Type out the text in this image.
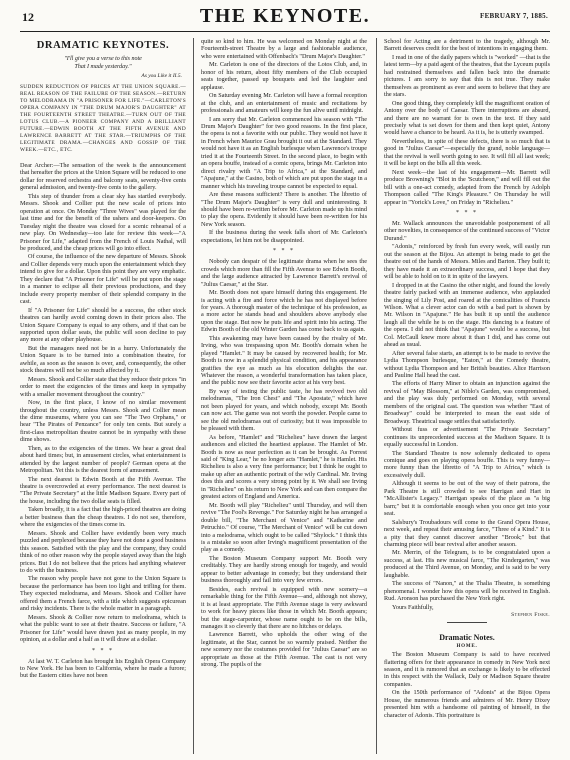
12	THE KEYNOTE.	FEBRUARY 7, 1885.
DRAMATIC KEYNOTES.
"I'll give you a verse to this note
That I made yesterday."
As you Like it II.5.
SUDDEN REDUCTION OF PRICES AT THE UNION SQUARE.—REAL REASON OF THE FAILURE OF THE SEASON.—RETURN TO MELODRAMA IN "A PRISONER FOR LIFE."—CARLETON'S OPERA COMPANY IN "THE DRUM MAJOR'S DAUGHTER" AT THE FOURTEENTH STREET THEATRE.—TURN OUT OF THE LOTUS CLUB.—A PIONEER COMPANY AND A BRILLIANT FUTURE.—EDWIN BOOTH AT THE FIFTH AVENUE AND LAWRENCE BARRETT AT THE STAR.—TRIUMPHS OF THE LEGITIMATE DRAMA.—CHANGES AND GOSSIP OF THE WEEK.—ETC., ETC.

Dear Archer:—The sensation of the week is the announcement that hereafter the prices at the Union Square will be reduced to one dollar for reserved orchestra and balcony seats, seventy-five cents general admission, and twenty-five cents to the gallery.

This step of thunder from a clear sky has startled everybody. Messrs. Shook and Collier put the new scale of prices into operation at once. On Monday "Three Wives" was played for the last time and for the benefit of the ushers and door-keepers. On Tuesday night the theatre was closed for a scenic rehearsal of a new play. On Wednesday—too late for review this week—"A Prisoner for Life," adapted from the French of Louis Nathal, will be produced, and the cheap prices will go into effect.

Of course, the influence of the new departure of Messrs. Shook and Collier depends very much upon the entertainment which they intend to give for a dollar. Upon this point they are very emphatic. They declare that "A Prisoner for Life" will be put upon the stage in a manner to eclipse all their previous productions, and they include every property member of their splendid company in the cast.

If "A Prisoner for Life" should be a success, the other stock theatres can hardly avoid coming down in their prices also. The Union Square Company is equal to any others, and if that can be supported upon dollar seats, the public will soon decline to pay any more at any other playhouse.

But the managers need not be in a hurry. Unfortunately the Union Square is to be turned into a combination theatre, for awhile, as soon as the season is over, and, consequently, the other stock theatres will not be so much affected by it.

Messrs. Shook and Collier state that they reduce their prices "in order to meet the exigencies of the times and keep in sympathy with a smaller movement throughout the country."

Now, in the first place, I know of no similar movement throughout the country, unless Messrs. Shook and Collier mean the dime museums, where you can see "The Two Orphans," or hear "The Pirates of Penzance" for only ten cents. But surely a first-class metropolitan theatre cannot be in sympathy with these dime shows.

Then, as to the exigencies of the times. We hear a great deal about hard times; but, in amusement circles, what entertainment is attended by the largest number of people? German opera at the Metropolitan. Yet this is the dearest form of amusement.

The next dearest is Edwin Booth at the Fifth Avenue. The theatre is overcrowded at every performance. The next dearest is "The Private Secretary" at the little Madison Square. Every part of the house, including the two dollar seats is filled.

Taken broadly, it is a fact that the high-priced theatres are doing a better business than the cheap theatres. I do not see, therefore, where the exigencies of the times come in.

Messrs. Shook and Collier have evidently been very much puzzled and perplexed because they have not done a good business this season. Satisfied with the play and the company, they could think of no other reason why the people stayed away than the high prices. But I do not believe that the prices had anything whatever to do with the business.

The reason why people have not gone to the Union Square is because the performance has been too light and trifling for them. They expected melodrama, and Messrs. Shook and Collier have offered them a French farce, with a title which suggests epicurean and risky incidents. There is the whole matter in a paragraph.

Messrs. Shook & Collier now return to melodrama, which is what the public want to see at their theatre. Success or failure, "A Prisoner for Life" would have drawn just as many people, in my opinion, at a dollar and a half as it will draw at a dollar.

* * *

At last W. T. Carleton has brought his English Opera Company to New York. He has been to California, where he made a furore; but the Eastern cities have not been

quite so kind to him. He was welcomed on Monday night at the Fourteenth-street Theatre by a large and fashionable audience, who were entertained with Offenbach's "Drum Major's Daughter."

Mr. Carleton is one of the directors of the Lotos Club, and, in honor of his return, about fifty members of the Club occupied seats together, passed up bouquets and led the laughter and applause.

On Saturday evening Mr. Carleton will have a formal reception at the club, and an entertainment of music and recitations by professionals and amateurs will keep the fun alive until midnight.

I am sorry that Mr. Carleton commenced his season with "The Drum Major's Daughter" for two good reasons. In the first place, the opera is not a favorite with our public. They would not have it in French when Maurice Grau brought it out at the Standard. They would not have it as an English burlesque when Lawrence's troupe tried it at the Fourteenth Street. In the second place, to begin with an opera bouffe, instead of a comic opera, brings Mr. Carleton into direct rivalry with "A Trip to Africa," at the Standard, and "Apajune," at the Casino, both of which are put upon the stage in a manner which his traveling troupe cannot be expected to equal.

Are these reasons sufficient? There is another. The libretto of "The Drum Major's Daughter" is very dull and uninteresting. It should have been re-written before Mr. Carleton made up his mind to play the opera. Evidently it should have been re-written for his New York season.

If the business during the week falls short of Mr. Carleton's expectations, let him not be disappointed.

* * *

Nobody can despair of the legitimate drama when he sees the crowds which more than fill the Fifth Avenue to see Edwin Booth, and the large audience attracted by Lawrence Barrett's revival of "Julius Caesar," at the Star.

Mr. Booth does not spare himself during this engagement. He is acting with a fire and force which he has not displayed before for years. A thorough master of the technique of his profession, as a more actor he stands head and shoulders above anybody else upon the stage. But now he puts life and spirit into his acting. The Edwin Booth of the old Winter Garden has come back to us again.

This awakening may have been caused by the rivalry of Mr. Irving, who was trespassing upon Mr. Booth's domain when he played "Hamlet." It may be caused by recovered health; for Mr. Booth is now in a splendid physical condition, and his appearance gratifies the eye as much as his elocution delights the ear. Whatever the reason, a wonderful transformation has taken place, and the public now see their favorite actor at his very best.

By way of testing the public taste, he has revived two old melodramas, "The Iron Chest" and "The Apostate," which have not been played for years, and which nobody, except Mr. Booth can now act. The game was not worth the powder. People came to see the old melodramas out of curiosity; but it was impossible to be pleased with them.

As before, "Hamlet" and "Richelieu" have drawn the largest audiences and elicited the heartiest applause. The Hamlet of Mr. Booth is now as near perfection as it can be brought. As Forrest said of "King Lear," he no longer acts "Hamlet," he is Hamlet. His Richelieu is also a very fine performance; but I think he ought to make up after an authentic portrait of the wily Cardinal. Mr. Irving does this and scores a very strong point by it. We shall see Irving in "Richelieu" on his return to New York and can then compare the greatest actors of England and America.

Mr. Booth will play "Richelieu" until Thursday, and will then revive "The Fool's Revenge." For Saturday night he has arranged a double bill, "The Merchant of Venice" and "Katharine and Petruchio." Of course, "The Merchant of Venice" will be cut down into a melodrama, which ought to be called "Shylock." I think this is a mistake so soon after Irving's magnificent presentation of the play as a comedy.

The Boston Museum Company support Mr. Booth very creditably. They are hardly strong enough for tragedy, and would appear to better advantage in comedy; but they understand their business thoroughly and fail into very few errors.

Besides, each revival is equipped with new scenery—a remarkable thing for the Fifth Avenue—and, although not showy, it is at least appropriate. The Fifth Avenue stage is very awkward to work for heavy pieces like those in which Mr. Booth appears; but the stage-carpenter, whose name ought to be on the bills, manages it so cleverly that there are no hitches or delays.

Lawrence Barrett, who upholds the other wing of the legitimate, at the Star, cannot be so warmly praised. Neither the new scenery nor the costumes provided for "Julius Caesar" are so appropriate as those at the Fifth Avenue. The cast is not very strong. The pupils of the

School for Acting are a detriment to the tragedy, although Mr. Barrett deserves credit for the best of intentions in engaging them.

I read in one of the daily papers which is "worked" —that is the latest term—by a paid agent of the theatres, that the Lyceum pupils had restrained themselves and fallen back into the dramatic pictures. I am sorry to say that this is not true. They make themselves as prominent as ever and seem to believe that they are the stars.

One good thing, they completely kill the magnificent oration of Antony over the body of Caesar. There interruptions are absurd, and there are no warrant for is own in the text. If they said precisely what is set down for them and then kept quiet, Antony would have a chance to be heard. As it is, he is utterly swamped.

Nevertheless, in spite of these defects, there is so much that is good in "Julius Caesar"—especially the grand, noble language—that the revival is well worth going to see. It will fill all last week; it will be kept on the bills all this week.

Next week—the last of his engagement—Mr. Barrett will produce Browning's "Blot in the 'Scutcheon," and will fill out the bill with a one-act comedy, adapted from the French by Adolph Thompson called "The King's Pleasure." On Thursday he will appear in "Yorick's Love," on Friday in "Richelieu."

* * *

Mr. Wallack announces the unavoidable postponement of all other novelties, in consequence of the continued success of "Victor Durand."

"Adonis," reinforced by fresh fun every week, will easily run out the season at the Bijou. An attempt is being made to get the theatre out of the hands of Messrs. Miles and Barton. They built it; they have made it an extraordinary success, and I hope that they will be able to hold on to it in spite of the lawyers.

I dropped in at the Casino the other night, and found the lovely theatre fairly packed with an immense audience, who applauded the singing of Lily Post, and roared at the comicalities of Francis Wilson. What a clever actor can do with a bad part is shown by Mr. Wilson in "Apajune." He has built it up until the audience laugh all the while he is on the stage. His dancing is a feature of the opera. I did not think that "Apajune" would be a success, but Col. McCaull knew more about it than I did, and has come out ahead as usual.

After several false starts, an attempt is to be made to revive the Lydia Thompson burlesque, "Eaton," at the Comedy theatre, without Lydia Thompson and her British beauties. Alice Harrison and Pauline Hall head the cast.

The efforts of Harry Miner to obtain an injunction against the revival of "May Blossom," at Niblo's Garden, was compromised, and the play was duly performed on Monday, with several members of the original cast. The question was whether "East of Broadway" could be interpreted to mean the east side of Broadway. Theatrical usage settles that satisfactorily.

Without fuss or advertisement "The Private Secretary" continues its unprecedented success at the Madison Square. It is equally successful in London.

The Standard Theatre is now solemnly dedicated to opera comique and goes on playing opera bouffe. This is very funny—more funny than the libretto of "A Trip to Africa," which is excessively dull.

Although it seems to be out of the way of their patrons, the Park Theatre is still crowded to see Harrigan and Hart in "McAllister's Legacy." Harrigan speaks of the place as "a big barn;" but it is comfortable enough when you once get into your seat.

Salsbury's Troubadours will come to the Grand Opera House, next week, and repeat their amusing farce, "Three of a Kind." It is a pity that they cannot discover another "Brook;" but that charming piece will bear revival after another season.

Mr. Merrin, of the Telegram, is to be congratulated upon a success, at last. His new musical farce, "The Kindergarten," was produced at the Third Avenue, on Monday, and is said to be very laughable.

The success of "Nanon," at the Thalia Theatre, is something phenomenal. I wonder how this opera will be received in English. Rud. Aronson has purchased the New York right.

Yours Faithfully,

Stephen Fiske.
Dramatic Notes.
HOME.

The Boston Museum Company is said to have received flattering offers for their appearance in comedy in New York next season, and it is rumored that an exchange is likely to be effected in this respect with the Wallack, Daly or Madison Square theatre companies.

On the 150th performance of "Adonis" at the Bijou Opera House, the numerous friends and admirers of Mr. Henry Dixey presented him with a handsome oil painting of himself, in the character of Adonis. This portraiture is
